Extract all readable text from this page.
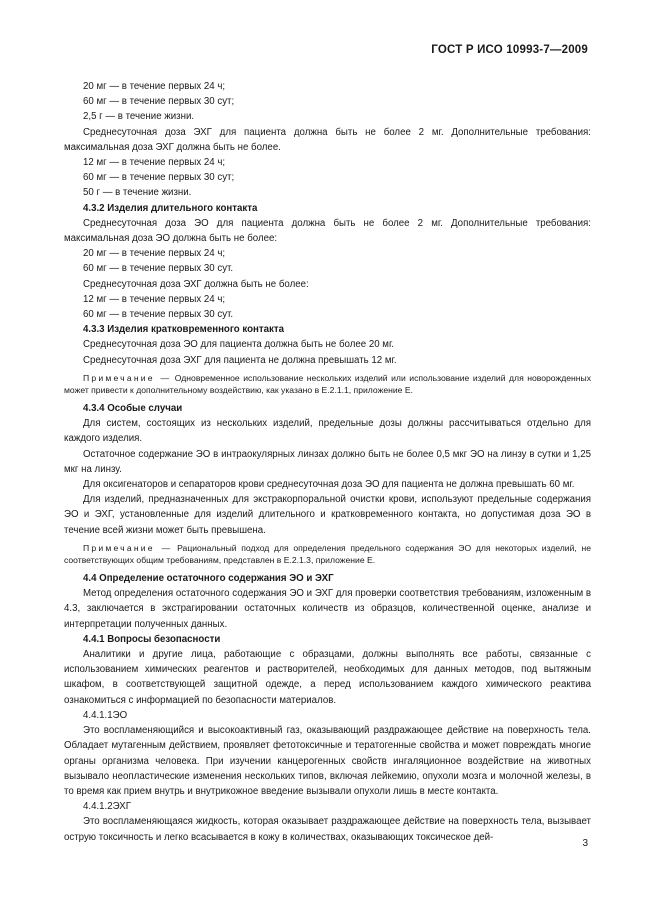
ГОСТ Р ИСО 10993-7—2009

20 мг — в течение первых 24 ч;

60 мг — в течение первых 30 сут;

2,5 г — в течение жизни.

Среднесуточная доза ЭХГ для пациента должна быть не более 2 мг. Дополнительные требования: максимальная доза ЭХГ должна быть не более.

12 мг — в течение первых 24 ч;

60 мг — в течение первых 30 сут;

50 г — в течение жизни.

4.3.2 Изделия длительного контакта

Среднесуточная доза ЭО для пациента должна быть не более 2 мг. Дополнительные требования: максимальная доза ЭО должна быть не более:

20 мг — в течение первых 24 ч;

60 мг — в течение первых 30 сут.

Среднесуточная доза ЭХГ должна быть не более:

12 мг — в течение первых 24 ч;

60 мг — в течение первых 30 сут.

4.3.3 Изделия кратковременного контакта

Среднесуточная доза ЭО для пациента должна быть не более 20 мг.

Среднесуточная доза ЭХГ для пациента не должна превышать 12 мг.

Примечание — Одновременное использование нескольких изделий или использование изделий для новорожденных может привести к дополнительному воздействию, как указано в Е.2.1.1, приложение Е.

4.3.4 Особые случаи

Для систем, состоящих из нескольких изделий, предельные дозы должны рассчитываться отдельно для каждого изделия.

Остаточное содержание ЭО в интраокулярных линзах должно быть не более 0,5 мкг ЭО на линзу в сутки и 1,25 мкг на линзу.

Для оксигенаторов и сепараторов крови среднесуточная доза ЭО для пациента не должна превышать 60 мг.

Для изделий, предназначенных для экстракорпоральной очистки крови, используют предельные содержания ЭО и ЭХГ, установленные для изделий длительного и кратковременного контакта, но допустимая доза ЭО в течение всей жизни может быть превышена.

Примечание — Рациональный подход для определения предельного содержания ЭО для некоторых изделий, не соответствующих общим требованиям, представлен в Е.2.1.3, приложение Е.

4.4 Определение остаточного содержания ЭО и ЭХГ

Метод определения остаточного содержания ЭО и ЭХГ для проверки соответствия требованиям, изложенным в 4.3, заключается в экстрагировании остаточных количеств из образцов, количественной оценке, анализе и интерпретации полученных данных.

4.4.1 Вопросы безопасности

Аналитики и другие лица, работающие с образцами, должны выполнять все работы, связанные с использованием химических реагентов и растворителей, необходимых для данных методов, под вытяжным шкафом, в соответствующей защитной одежде, а перед использованием каждого химического реактива ознакомиться с информацией по безопасности материалов.

4.4.1.1ЭО

Это воспламеняющийся и высокоактивный газ, оказывающий раздражающее действие на поверхность тела. Обладает мутагенным действием, проявляет фетотоксичные и тератогенные свойства и может повреждать многие органы организма человека. При изучении канцерогенных свойств ингаляционное воздействие на животных вызывало неопластические изменения нескольких типов, включая лейкемию, опухоли мозга и молочной железы, в то время как прием внутрь и внутрикожное введение вызывали опухоли лишь в месте контакта.

4.4.1.2ЭХГ

Это воспламеняющаяся жидкость, которая оказывает раздражающее действие на поверхность тела, вызывает острую токсичность и легко всасывается в кожу в количествах, оказывающих токсическое дей-

3
